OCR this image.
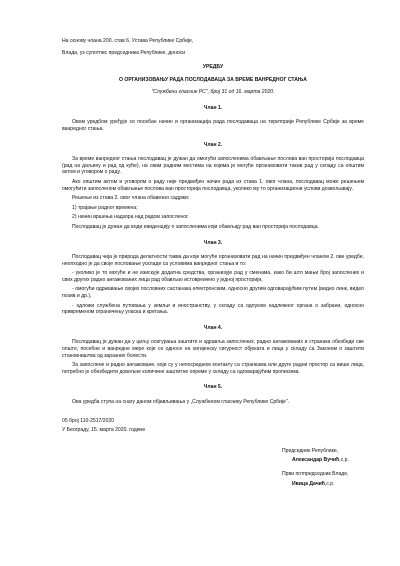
На основу члана 200. став 6. Устава Републике Србије,

Влада, уз супотпис председника Републике, доноси

УРЕДБУ

О ОРГАНИЗОВАЊУ РАДА ПОСЛОДАВАЦА ЗА ВРЕМЕ ВАНРЕДНОГ СТАЊА

"Службени гласник РС", број 31 од 16. марта 2020.

Члан 1.

Овом уредбом уређује се посебан начин и организација рада послодаваца на територији Републике Србије за време ванредног стања.

Члан 2.

За време ванредног стања послодавац је дужан да омогући запосленима обављање послова ван просторија послодавца (рад на даљину и рад од куће), на свим радним местима на којима је могуће организовати такав рад у складу са општим актом и уговором о раду.

Ако општим актом и уговором о раду није предвиђен начин рада из става 1. овог члана, послодавац може решењем омогућити запосленом обављање послова ван просторија послодавца, уколико му то организациони услови дозвољавају.

Решење из става 2. овог члана обавезно садржи:

1) трајање радног времена;

2) начин вршења надзора над радом запосленог.

Послодавац је дужан да води евиденцију о запосленима који обављају рад ван просторија послодавца.

Члан 3.

Послодавац чија је природа делатности таква да које могуће организовати рад на начин предвиђен чланом 2. ове уредбе, неопходно је да своје пословање ускладе са условима ванредног стања и то:

- уколико је то могуће и не изискује додатна средства, организује рад у сменама, како би што мањи број запослених и свих других радно ангажованих лица рад обављао истовремено у једној просторији,

- омогући одржавање својих пословних састанака електронским, односно другим одговарајућим путем (видео линк, видео позив и др.),

- одложи службена путовања у земљи и иностранству, у складу са одлуком надлежног органа о забрани, односно привременом ограничењу уласка и кретања.

Члан 4.

Послодавац је дужан да у циљу осигурања заштите и здравља запослених, радно ангажованих и странака обезбеди све опште, посебне и ванредне мере које се односе на хигијенску сигурност објеката и лица у складу са Законом о заштити становништва од заразних болести.

За запослене и радно ангажоване, који су у непосредном контакту са странкама или друге радни простор са више лица, потребно је обезбедити довољне количине заштитне опреме у складу са одговарајућим прописима.

Члан 5.

Ова уредба ступа на снагу даном објављивања у „Службеном гласнику Републике Србије”.

05 број 110-2517/2020

У Београду, 15. марта 2020. године

Председник Републике,

Александар Вучић,с.р.

Први потпредседник Владе,

Ивица Дачић,с.р.
